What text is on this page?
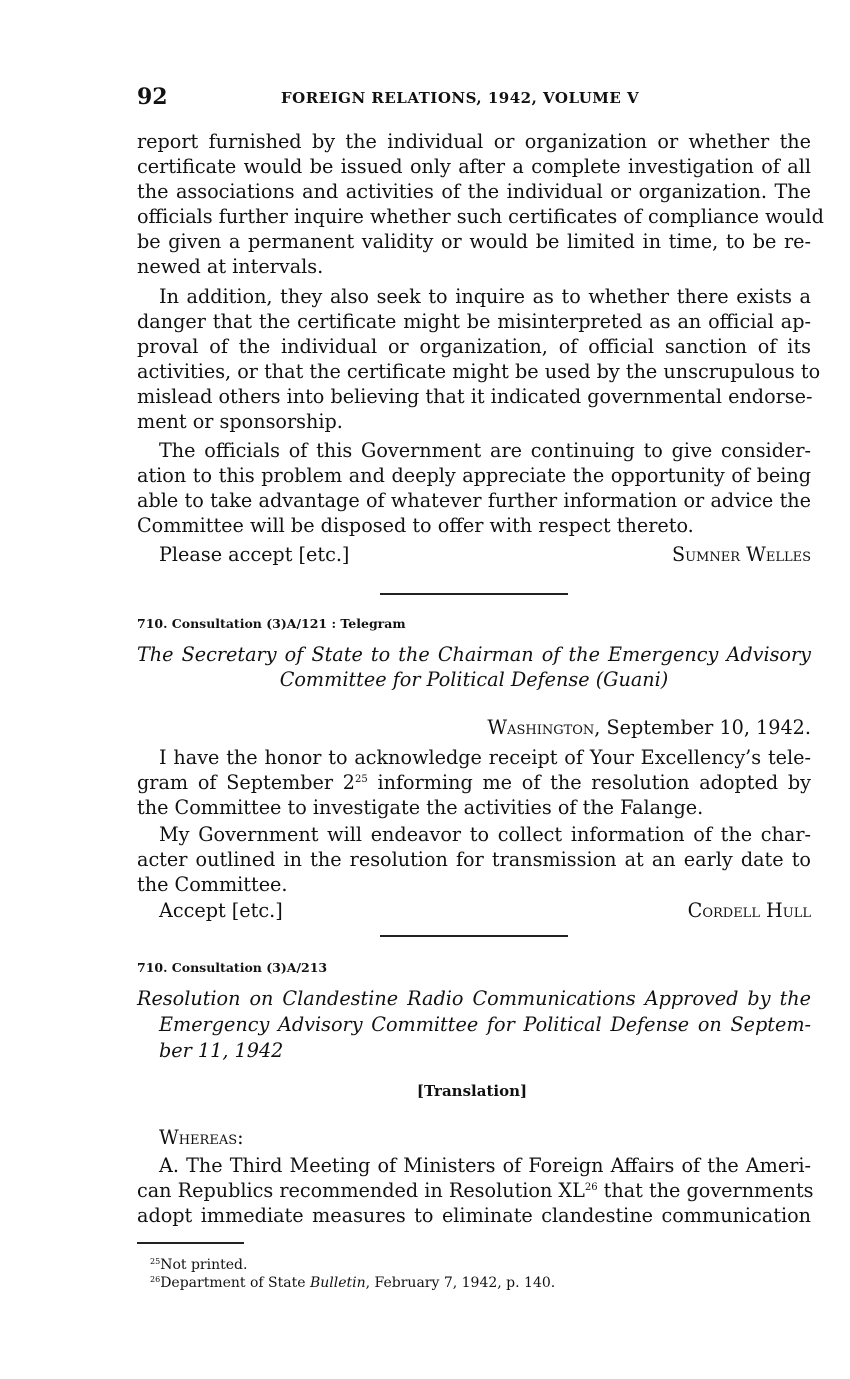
92	FOREIGN RELATIONS, 1942, VOLUME V
report furnished by the individual or organization or whether the
certificate would be issued only after a complete investigation of all
the associations and activities of the individual or organization. The
officials further inquire whether such certificates of compliance would
be given a permanent validity or would be limited in time, to be re-
newed at intervals.
In addition, they also seek to inquire as to whether there exists a
danger that the certificate might be misinterpreted as an official ap-
proval of the individual or organization, of official sanction of its
activities, or that the certificate might be used by the unscrupulous to
mislead others into believing that it indicated governmental endorse-
ment or sponsorship.
The officials of this Government are continuing to give consider-
ation to this problem and deeply appreciate the opportunity of being
able to take advantage of whatever further information or advice the
Committee will be disposed to offer with respect thereto.
Please accept [etc.]	Sumner Welles
710. Consultation (3)A/121 : Telegram
The Secretary of State to the Chairman of the Emergency Advisory
Committee for Political Defense (Guani)
Washington, September 10, 1942.
I have the honor to acknowledge receipt of Your Excellency’s tele-
gram of September $2^{25}$ informing me of the resolution adopted by
the Committee to investigate the activities of the Falange.
My Government will endeavor to collect information of the char-
acter outlined in the resolution for transmission at an early date to
the Committee.
Accept [etc.]	Cordell Hull
710. Consultation (3)A/213
Resolution on Clandestine Radio Communications Approved by the
Emergency Advisory Committee for Political Defense on Septem-
ber 11, 1942
[Translation]
Whereas:
A. The Third Meeting of Ministers of Foreign Affairs of the Ameri-
can Republics recommended in Resolution XL$^{26}$ that the governments
adopt immediate measures to eliminate clandestine communication
$^{25}$Not printed.
$^{26}$Department of State Bulletin, February 7, 1942, p. 140.
